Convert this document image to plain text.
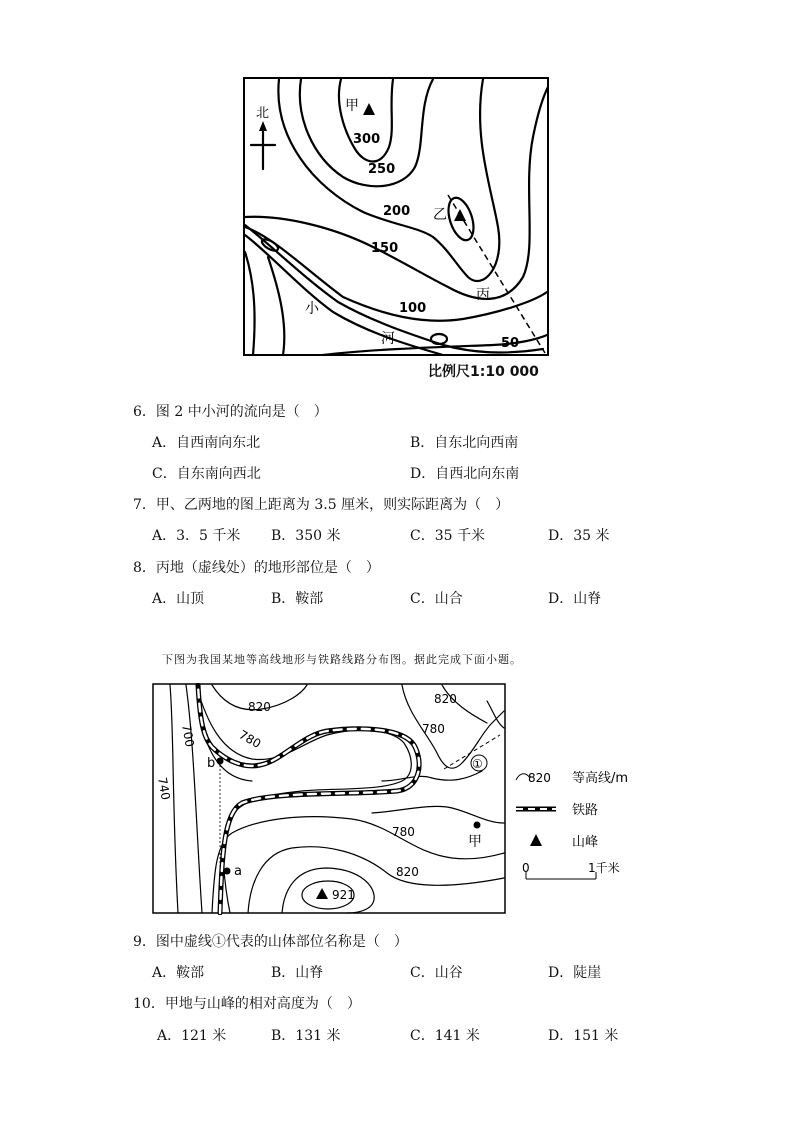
北	甲
乙
丙
小
河
300
250
200
150
100
50
比例尺1:10 000
6．图 2 中小河的流向是（　）
A．自西南向东北	B．自东北向西南
C．自东南向西北	D．自西北向东南
7．甲、乙两地的图上距离为 3.5 厘米，则实际距离为（　）
A．3．5 千米 B．350 米	C．35 千米	D．35 米
8．丙地（虚线处）的地形部位是（　）
A．山顶	B．鞍部	C．山合	D．山脊
下图为我国某地等高线地形与铁路线路分布图。据此完成下面小题。
820
700	780
820
780
740
780
820
921
a
b
甲
①
820 等高线/m
铁路
山峰
0	1千米
9．图中虚线①代表的山体部位名称是（　）
A．鞍部	B．山脊	C．山谷	D．陡崖
10．甲地与山峰的相对高度为（　）
A．121 米	B．131 米	C．141 米	D．151 米
